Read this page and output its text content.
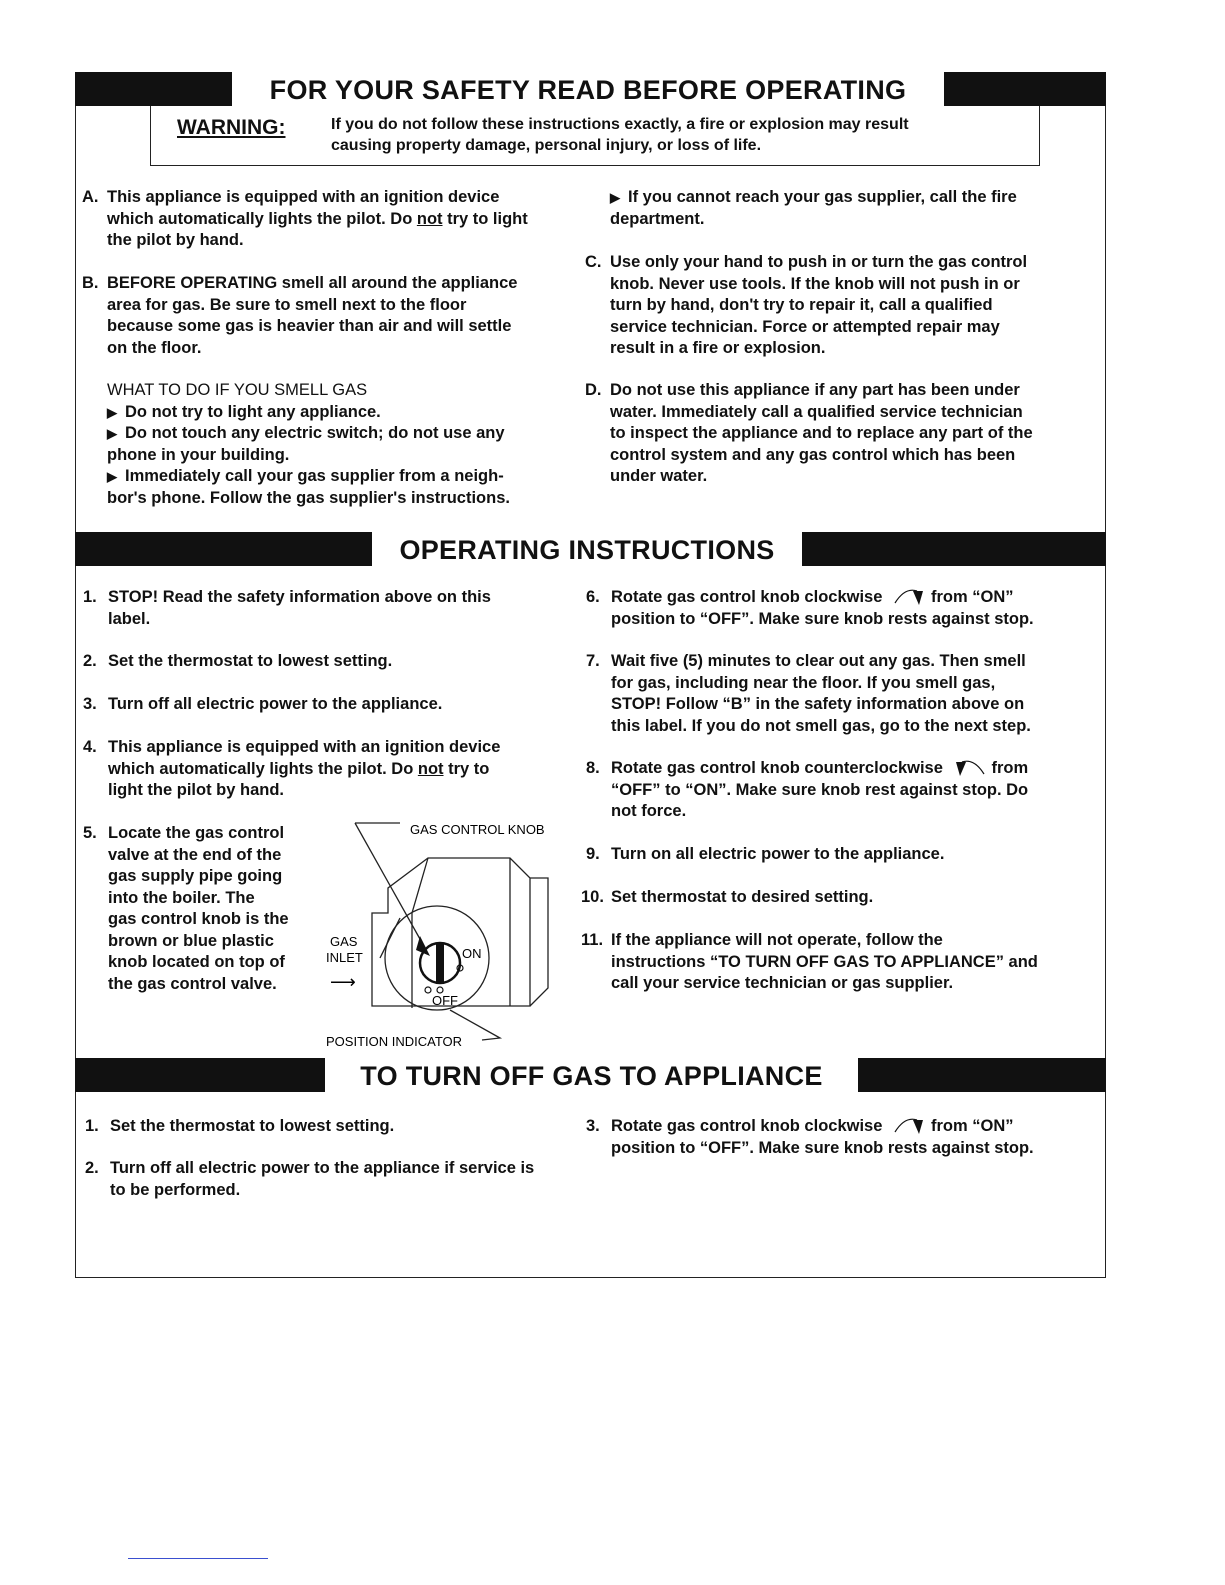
FOR YOUR SAFETY READ BEFORE OPERATING
WARNING:	If you do not follow these instructions exactly, a fire or explosion may result
causing property damage, personal injury, or loss of life.
A. This appliance is equipped with an ignition device
which automatically lights the pilot. Do not try to light
the pilot by hand.
B. BEFORE OPERATING smell all around the appliance
area for gas. Be sure to smell next to the floor
because some gas is heavier than air and will settle
on the floor.
WHAT TO DO IF YOU SMELL GAS
▶ Do not try to light any appliance.
▶ Do not touch any electric switch; do not use any
phone in your building.
▶ Immediately call your gas supplier from a neigh-
bor's phone. Follow the gas supplier's instructions.
▶ If you cannot reach your gas supplier, call the fire
department.
C. Use only your hand to push in or turn the gas control
knob. Never use tools. If the knob will not push in or
turn by hand, don't try to repair it, call a qualified
service technician. Force or attempted repair may
result in a fire or explosion.
D. Do not use this appliance if any part has been under
water. Immediately call a qualified service technician
to inspect the appliance and to replace any part of the
control system and any gas control which has been
under water.
OPERATING INSTRUCTIONS
1. STOP! Read the safety information above on this
label.
2. Set the thermostat to lowest setting.
3. Turn off all electric power to the appliance.
4. This appliance is equipped with an ignition device
which automatically lights the pilot. Do not try to
light the pilot by hand.
5. Locate the gas control
valve at the end of the
gas supply pipe going
into the boiler. The
gas control knob is the
brown or blue plastic
knob located on top of
the gas control valve.
GAS CONTROL KNOB
GAS
INLET
⟶
ON
OFF
POSITION INDICATOR
6. Rotate gas control knob clockwise	from “ON”
position to “OFF”. Make sure knob rests against stop.
7. Wait five (5) minutes to clear out any gas. Then smell
for gas, including near the floor. If you smell gas,
STOP! Follow “B” in the safety information above on
this label. If you do not smell gas, go to the next step.
8. Rotate gas control knob counterclockwise	from
“OFF” to “ON”. Make sure knob rest against stop. Do
not force.
9. Turn on all electric power to the appliance.
10. Set thermostat to desired setting.
11. If the appliance will not operate, follow the
instructions “TO TURN OFF GAS TO APPLIANCE” and
call your service technician or gas supplier.
TO TURN OFF GAS TO APPLIANCE
1. Set the thermostat to lowest setting.
2. Turn off all electric power to the appliance if service is
to be performed.
3. Rotate gas control knob clockwise	from “ON”
position to “OFF”. Make sure knob rests against stop.
